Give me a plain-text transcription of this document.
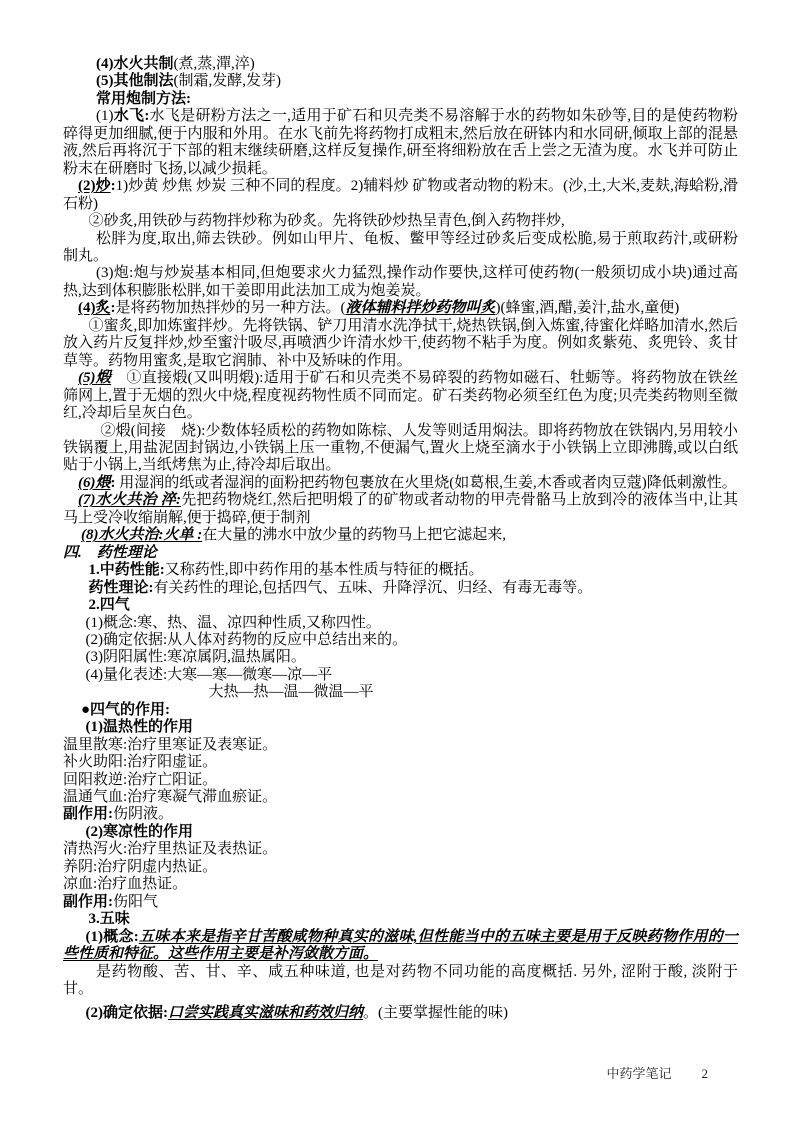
(4)水火共制(煮,蒸,潬,淬)

(5)其他制法(制霜,发酵,发芽)

常用炮制方法:

(1)水飞:水飞是研粉方法之一,适用于矿石和贝壳类不易溶解于水的药物如朱砂等,目的是使药物粉碎得更加细腻,便于内服和外用。在水飞前先将药物打成粗末,然后放在研钵内和水同研,倾取上部的混悬液,然后再将沉于下部的粗末继续研磨,这样反复操作,研至将细粉放在舌上尝之无渣为度。水飞并可防止粉末在研磨时飞扬,以减少损耗。

(2)炒:1)炒黄 炒焦 炒炭 三种不同的程度。2)辅料炒 矿物或者动物的粉末。(沙,土,大米,麦麸,海蛤粉,滑石粉)

②砂炙,用铁砂与药物拌炒称为砂炙。先将铁砂炒热呈青色,倒入药物拌炒,

松胖为度,取出,筛去铁砂。例如山甲片、龟板、鳖甲等经过砂炙后变成松脆,易于煎取药汁,或研粉制丸。

(3)炮:炮与炒炭基本相同,但炮要求火力猛烈,操作动作要快,这样可使药物(一般须切成小块)通过高热,达到体积膨胀松胖,如干姜即用此法加工成为炮姜炭。

(4)炙:是将药物加热拌炒的另一种方法。(液体辅料拌炒药物叫炙)(蜂蜜,酒,醋,姜汁,盐水,童便)

①蜜炙,即加炼蜜拌炒。先将铁锅、铲刀用清水洗净拭干,烧热铁锅,倒入炼蜜,待蜜化烊略加清水,然后放入药片反复拌炒,炒至蜜汁吸尽,再喷洒少许清水炒干,使药物不粘手为度。例如炙紫苑、炙兜铃、炙甘草等。药物用蜜炙,是取它润肺、补中及矫味的作用。

(5)煅　①直接煅(又叫明煅):适用于矿石和贝壳类不易碎裂的药物如磁石、牡蛎等。将药物放在铁丝筛网上,置于无烟的烈火中烧,程度视药物性质不同而定。矿石类药物必须至红色为度;贝壳类药物则至微红,冷却后呈灰白色。

②煅(间接　烧):少数体轻质松的药物如陈棕、人发等则适用焖法。即将药物放在铁锅内,另用较小铁锅覆上,用盐泥固封锅边,小铁锅上压一重物,不便漏气,置火上烧至滴水于小铁锅上立即沸腾,或以白纸贴于小锅上,当纸烤焦为止,待冷却后取出。

(6)煨: 用湿润的纸或者湿润的面粉把药物包裹放在火里烧(如葛根,生姜,木香或者肉豆蔻)降低刺激性。

(7)水火共治 淬:先把药物烧红,然后把明煅了的矿物或者动物的甲壳骨骼马上放到冷的液体当中,让其马上受冷收缩崩解,便于捣碎,便于制剂

(8)水火共治:火单 :在大量的沸水中放少量的药物马上把它滤起来,

四.　药性理论

1.中药性能:又称药性,即中药作用的基本性质与特征的概括。

药性理论:有关药性的理论,包括四气、五味、升降浮沉、归经、有毒无毒等。

2.四气

(1)概念:寒、热、温、凉四种性质,又称四性。

(2)确定依据:从人体对药物的反应中总结出来的。

(3)阴阳属性:寒凉属阴,温热属阳。

(4)量化表述:大寒—寒—微寒—凉—平

大热—热—温—微温—平

●四气的作用:

(1)温热性的作用

温里散寒:治疗里寒证及表寒证。

补火助阳:治疗阳虚证。

回阳救逆:治疗亡阳证。

温通气血:治疗寒凝气滞血瘀证。

副作用:伤阴液。

(2)寒凉性的作用

清热泻火:治疗里热证及表热证。

养阴:治疗阴虚内热证。

凉血:治疗血热证。

副作用:伤阳气

3.五味

(1)概念:五味本来是指辛甘苦酸咸物种真实的滋味,但性能当中的五味主要是用于反映药物作用的一些性质和特征。这些作用主要是补泻敛散方面。

是药物酸、苦、甘、辛、咸五种味道, 也是对药物不同功能的高度概括. 另外, 涩附于酸, 淡附于甘。

(2)确定依据:口尝实践真实滋味和药效归纳。(主要掌握性能的味)

中药学笔记 2
